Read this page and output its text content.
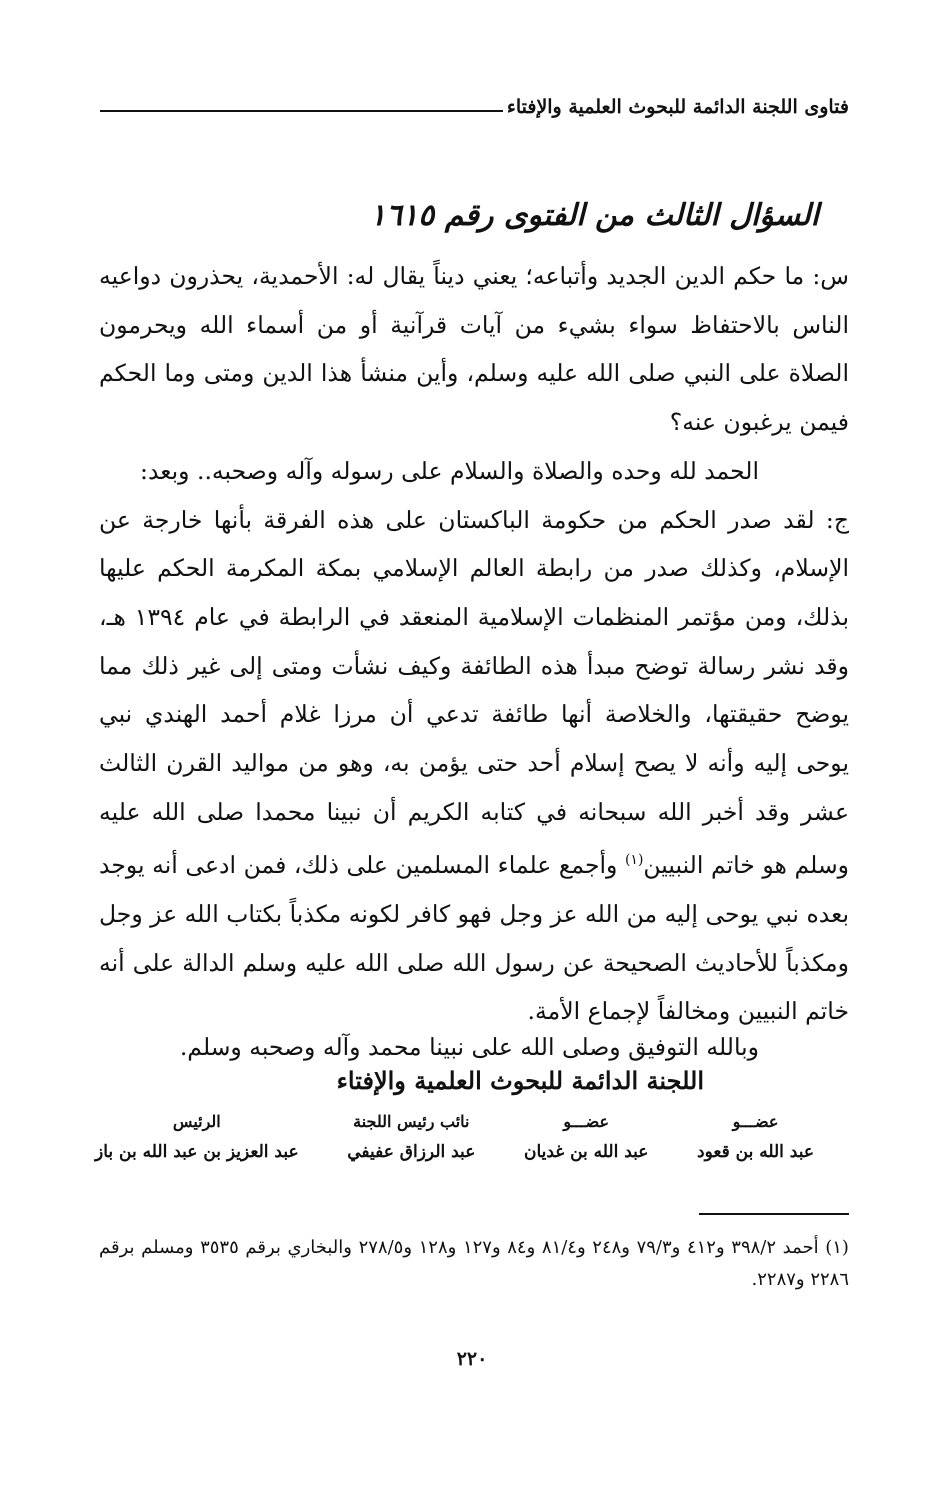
فتاوى اللجنة الدائمة للبحوث العلمية والإفتاء
السؤال الثالث من الفتوى رقم ١٦١٥

س: ما حكم الدين الجديد وأتباعه؛ يعني ديناً يقال له: الأحمدية، يحذرون دواعيه الناس بالاحتفاظ سواء بشيء من آيات قرآنية أو من أسماء الله ويحرمون الصلاة على النبي صلى الله عليه وسلم، وأين منشأ هذا الدين ومتى وما الحكم فيمن يرغبون عنه؟

الحمد لله وحده والصلاة والسلام على رسوله وآله وصحبه.. وبعد:

ج: لقد صدر الحكم من حكومة الباكستان على هذه الفرقة بأنها خارجة عن الإسلام، وكذلك صدر من رابطة العالم الإسلامي بمكة المكرمة الحكم عليها بذلك، ومن مؤتمر المنظمات الإسلامية المنعقد في الرابطة في عام ١٣٩٤ هـ، وقد نشر رسالة توضح مبدأ هذه الطائفة وكيف نشأت ومتى إلى غير ذلك مما يوضح حقيقتها، والخلاصة أنها طائفة تدعي أن مرزا غلام أحمد الهندي نبي يوحى إليه وأنه لا يصح إسلام أحد حتى يؤمن به، وهو من مواليد القرن الثالث عشر وقد أخبر الله سبحانه في كتابه الكريم أن نبينا محمدا صلى الله عليه وسلم هو خاتم النبيين$^{(١)}$ وأجمع علماء المسلمين على ذلك، فمن ادعى أنه يوجد بعده نبي يوحى إليه من الله عز وجل فهو كافر لكونه مكذباً بكتاب الله عز وجل ومكذباً للأحاديث الصحيحة عن رسول الله صلى الله عليه وسلم الدالة على أنه خاتم النبيين ومخالفاً لإجماع الأمة.

وبالله التوفيق وصلى الله على نبينا محمد وآله وصحبه وسلم.
اللجنة الدائمة للبحوث العلمية والإفتاء
عضـــو
عبد الله بن قعود
عضـــو
عبد الله بن غديان
نائب رئيس اللجنة
عبد الرزاق عفيفي
الرئيس
عبد العزيز بن عبد الله بن باز

(١) أحمد ٣٩٨/٢ و٤١٢ و٧٩/٣ و٢٤٨ و٨١/٤ و٨٤ و١٢٧ و١٢٨ و٢٧٨/٥ والبخاري برقم ٣٥٣٥ ومسلم برقم ٢٢٨٦ و٢٢٨٧.

٢٢٠
